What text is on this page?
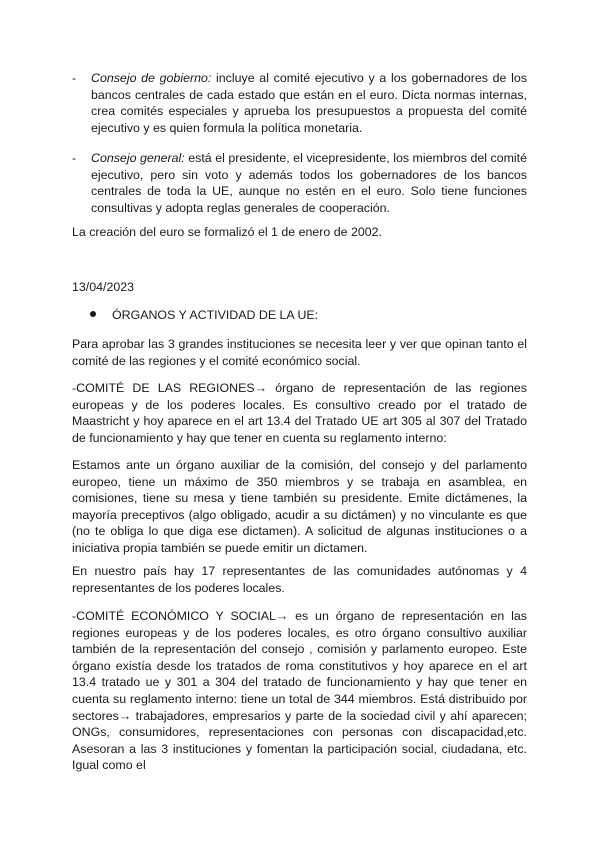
- Consejo de gobierno: incluye al comité ejecutivo y a los gobernadores de los bancos centrales de cada estado que están en el euro. Dicta normas internas, crea comités especiales y aprueba los presupuestos a propuesta del comité ejecutivo y es quien formula la política monetaria.
- Consejo general: está el presidente, el vicepresidente, los miembros del comité ejecutivo, pero sin voto y además todos los gobernadores de los bancos centrales de toda la UE, aunque no estén en el euro. Solo tiene funciones consultivas y adopta reglas generales de cooperación.
La creación del euro se formalizó el 1 de enero de 2002.
13/04/2023
ÓRGANOS Y ACTIVIDAD DE LA UE:
Para aprobar las 3 grandes instituciones se necesita leer y ver que opinan tanto el comité de las regiones y el comité económico social.
-COMITÉ DE LAS REGIONES→ órgano de representación de las regiones europeas y de los poderes locales. Es consultivo creado por el tratado de Maastricht y hoy aparece en el art 13.4 del Tratado UE art 305 al 307 del Tratado de funcionamiento y hay que tener en cuenta su reglamento interno:
Estamos ante un órgano auxiliar de la comisión, del consejo y del parlamento europeo, tiene un máximo de 350 miembros y se trabaja en asamblea, en comisiones, tiene su mesa y tiene también su presidente. Emite dictámenes, la mayoría preceptivos (algo obligado, acudir a su dictámen) y no vinculante es que (no te obliga lo que diga ese dictamen). A solicitud de algunas instituciones o a iniciativa propia también se puede emitir un dictamen.
En nuestro país hay 17 representantes de las comunidades autónomas y 4 representantes de los poderes locales.
-COMITÉ ECONÓMICO Y SOCIAL→ es un órgano de representación en las regiones europeas y de los poderes locales, es otro órgano consultivo auxiliar también de la representación del consejo , comisión y parlamento europeo. Este órgano existía desde los tratados de roma constitutivos y hoy aparece en el art 13.4 tratado ue y 301 a 304 del tratado de funcionamiento y hay que tener en cuenta su reglamento interno: tiene un total de 344 miembros. Está distribuido por sectores→ trabajadores, empresarios y parte de la sociedad civil y ahí aparecen; ONGs, consumidores, representaciones con personas con discapacidad,etc. Asesoran a las 3 instituciones y fomentan la participación social, ciudadana, etc. Igual como el
